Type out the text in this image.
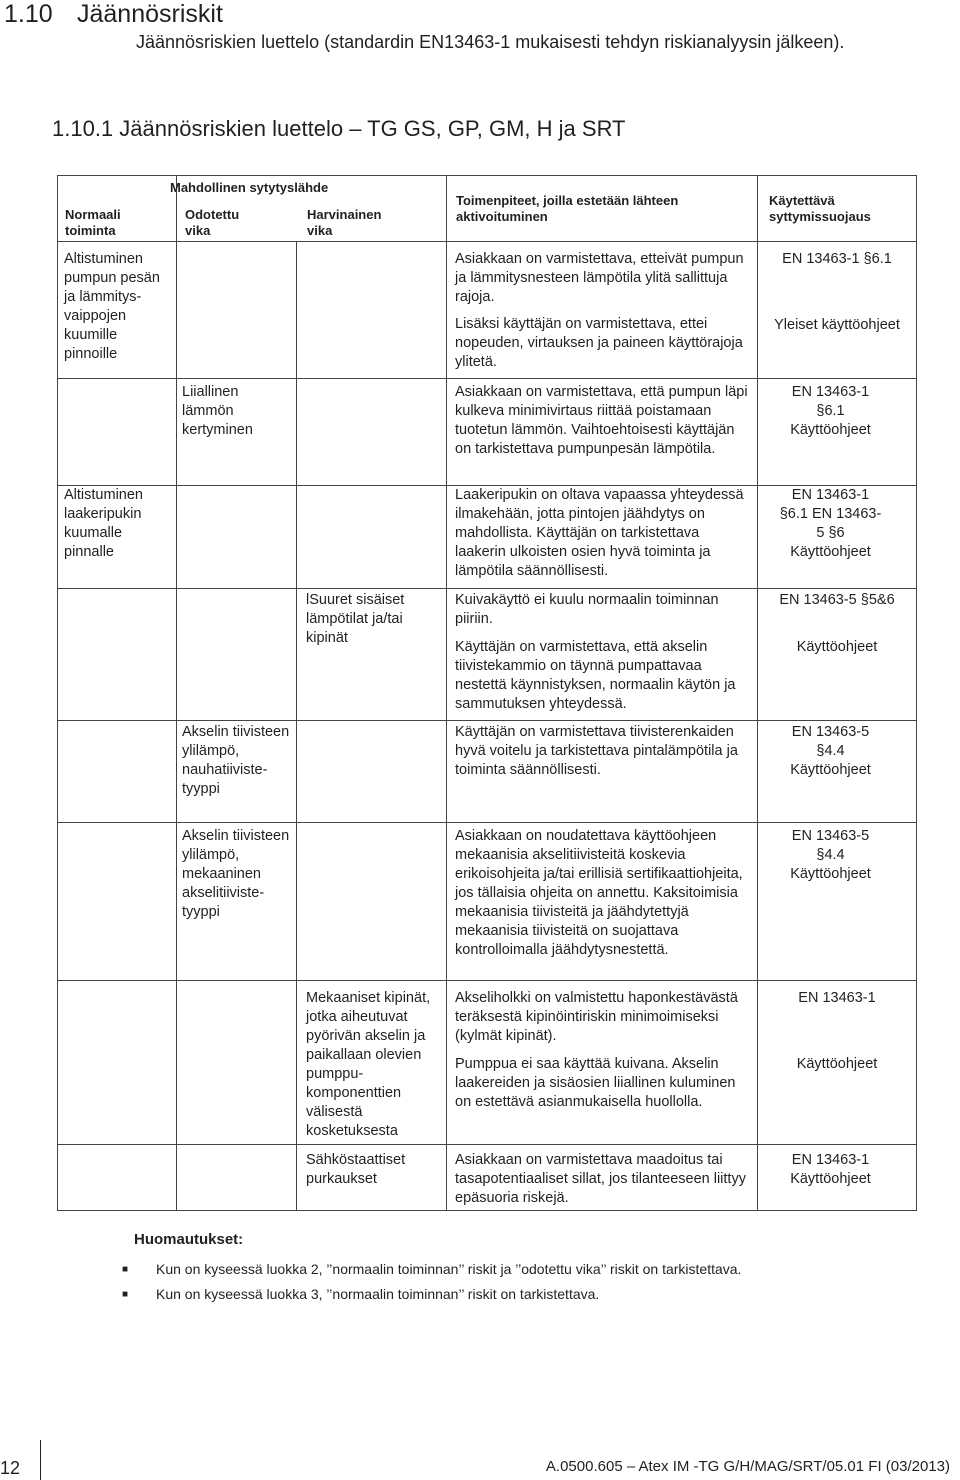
1.10 Jäännösriskit
Jäännösriskien luettelo (standardin EN13463-1 mukaisesti tehdyn riskianalyysin jälkeen).
1.10.1 Jäännösriskien luettelo – TG GS, GP, GM, H ja SRT
Normaali toiminta
Mahdollinen sytytyslähde
Odotettu vika
Harvinainen vika
Toimenpiteet, joilla estetään lähteen aktivoituminen
Käytettävä syttymissuojaus
Altistuminen pumpun pesän ja lämmitys- vaippojen kuumille pinnoille
Altistuminen laakeripukin kuumalle pinnalle
Liiallinen lämmön kertyminen
Akselin tiivisteen ylilämpö, nauhatiiviste- tyyppi
Akselin tiivisteen ylilämpö, mekaaninen akselitiiviste- tyyppi
lSuuret sisäiset lämpötilat ja/tai kipinät
Mekaaniset kipinät, jotka aiheutuvat pyörivän akselin ja paikallaan olevien pumppu- komponenttien välisestä kosketuksesta
Sähköstaattiset purkaukset
Asiakkaan on varmistettava, etteivät pumpun ja lämmitysnesteen lämpötila ylitä sallittuja rajoja.
Lisäksi käyttäjän on varmistettava, ettei nopeuden, virtauksen ja paineen käyttörajoja ylitetä.
Asiakkaan on varmistettava, että pumpun läpi kulkeva minimivirtaus riittää poistamaan tuotetun lämmön. Vaihtoehtoisesti käyttäjän on tarkistettava pumpunpesän lämpötila.
Laakeripukin on oltava vapaassa yhteydessä ilmakehään, jotta pintojen jäähdytys on mahdollista. Käyttäjän on tarkistettava laakerin ulkoisten osien hyvä toiminta ja lämpötila säännöllisesti.
Kuivakäyttö ei kuulu normaalin toiminnan piiriin.
Käyttäjän on varmistettava, että akselin tiivistekammio on täynnä pumpattavaa nestettä käynnistyksen, normaalin käytön ja sammutuksen yhteydessä.
Käyttäjän on varmistettava tiivisterenkaiden hyvä voitelu ja tarkistettava pintalämpötila ja toiminta säännöllisesti.
Asiakkaan on noudatettava käyttöohjeen mekaanisia akselitiivisteitä koskevia erikoisohjeita ja/tai erillisiä sertifikaattiohjeita, jos tällaisia ohjeita on annettu. Kaksitoimisia mekaanisia tiivisteitä ja jäähdytettyjä mekaanisia tiivisteitä on suojattava kontrolloimalla jäähdytysnestettä.
Akseliholkki on valmistettu haponkestävästä teräksestä kipinöintiriskin minimoimiseksi (kylmät kipinät).
Pumppua ei saa käyttää kuivana. Akselin laakereiden ja sisäosien liiallinen kuluminen on estettävä asianmukaisella huollolla.
Asiakkaan on varmistettava maadoitus tai tasapotentiaaliset sillat, jos tilanteeseen liittyy epäsuoria riskejä.
EN 13463-1 §6.1
Yleiset käyttöohjeet
EN 13463-1 §6.1 Käyttöohjeet
EN 13463-1 §6.1 EN 13463-5 §6 Käyttöohjeet
EN 13463-5 §5&6
Käyttöohjeet
EN 13463-5 §4.4 Käyttöohjeet
EN 13463-5 §4.4 Käyttöohjeet
EN 13463-1
Käyttöohjeet
EN 13463-1 Käyttöohjeet
Huomautukset:
■ Kun on kyseessä luokka 2, ’’normaalin toiminnan’’ riskit ja ’’odotettu vika’’ riskit on tarkistettava.
■ Kun on kyseessä luokka 3, ’’normaalin toiminnan’’ riskit on tarkistettava.
12	A.0500.605 – Atex IM -TG G/H/MAG/SRT/05.01 FI (03/2013)
